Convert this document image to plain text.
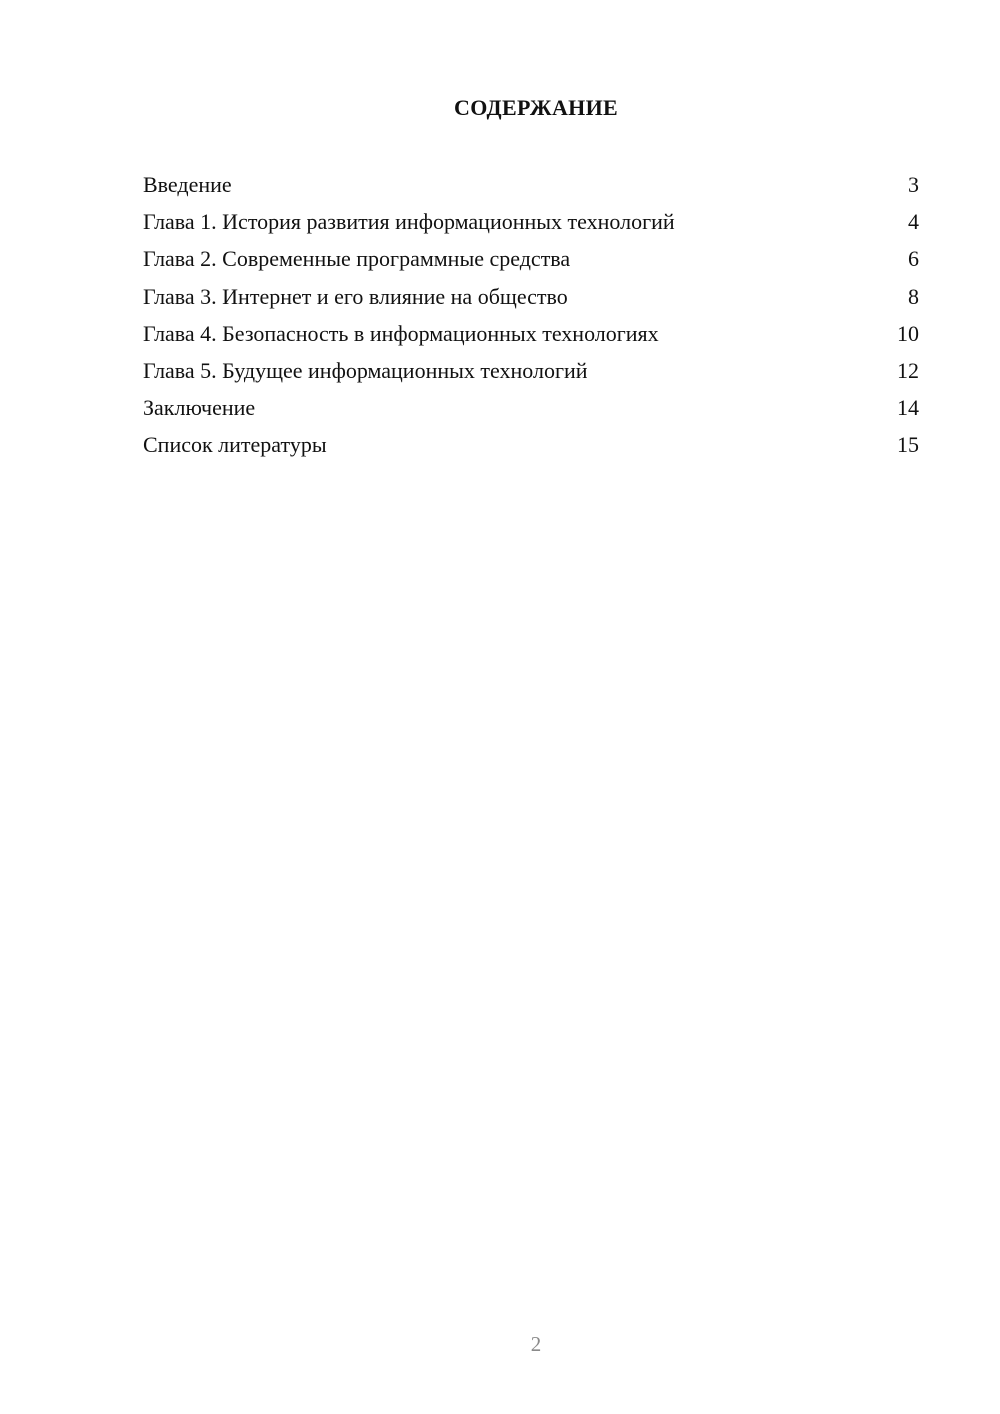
СОДЕРЖАНИЕ
Введение	3
Глава 1. История развития информационных технологий	4
Глава 2. Современные программные средства	6
Глава 3. Интернет и его влияние на общество	8
Глава 4. Безопасность в информационных технологиях	10
Глава 5. Будущее информационных технологий	12
Заключение	14
Список литературы	15
2
